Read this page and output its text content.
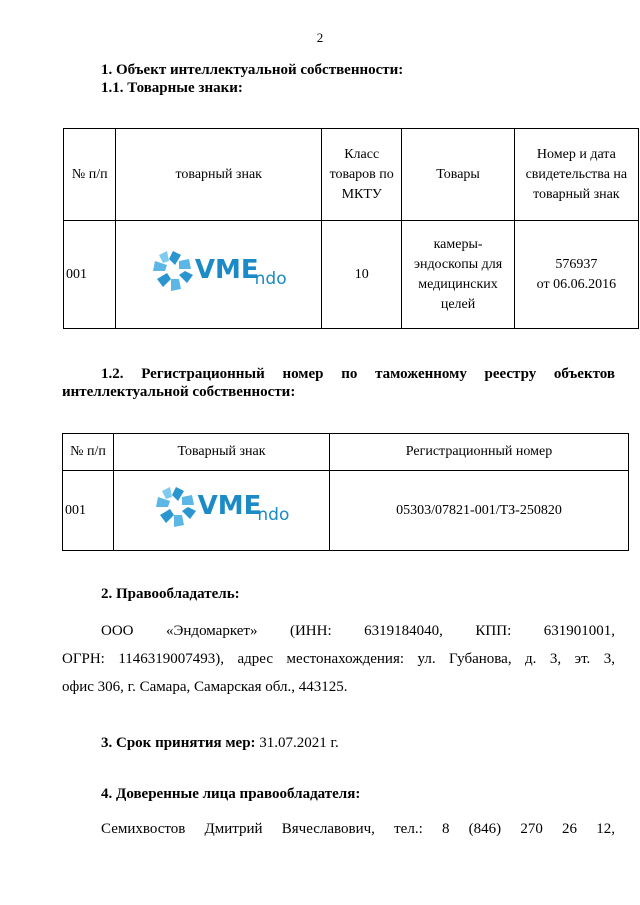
2
1. Объект интеллектуальной собственности:
1.1. Товарные знаки:
№ п/п	товарный знак	Класс товаров по МКТУ	Товары	Номер и дата свидетельства на товарный знак
001	$VME_{ndo}$	10	камеры-эндоскопы для медицинских целей	576937
от 06.06.2016
1.2. Регистрационный номер по таможенному реестру объектов
интеллектуальной собственности:
№ п/п	Товарный знак	Регистрационный номер
001	$VME_{ndo}$	05303/07821-001/ТЗ-250820
2. Правообладатель:
ООО «Эндомаркет» (ИНН: 6319184040, КПП: 631901001,
ОГРН: 1146319007493), адрес местонахождения: ул. Губанова, д. 3, эт. 3,
офис 306, г. Самара, Самарская обл., 443125.
3. Срок принятия мер: 31.07.2021 г.
4. Доверенные лица правообладателя:
Семихвостов Дмитрий Вячеславович, тел.: 8 (846) 270 26 12,
